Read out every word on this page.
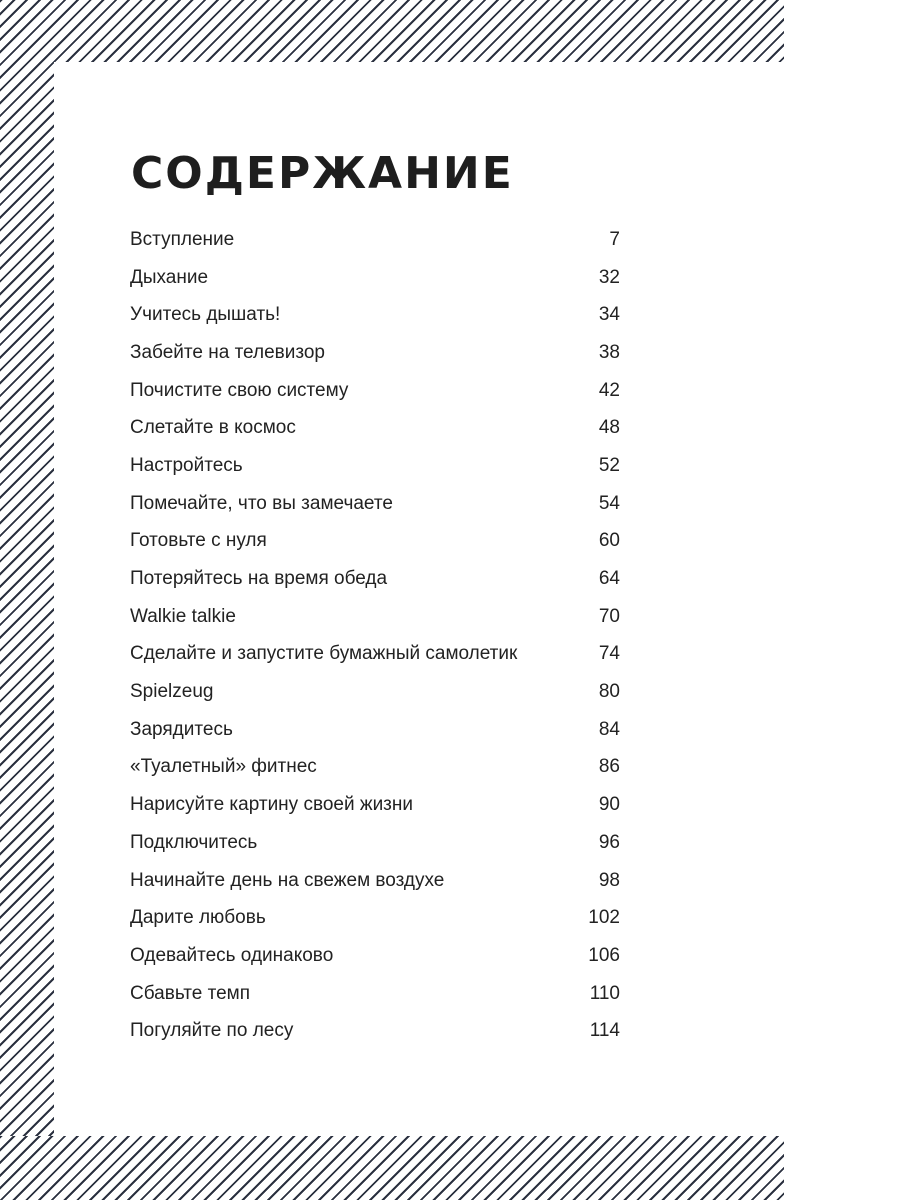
СОДЕРЖАНИЕ
Вступление	7
Дыхание	32
Учитесь дышать!	34
Забейте на телевизор	38
Почистите свою систему	42
Слетайте в космос	48
Настройтесь	52
Помечайте, что вы замечаете	54
Готовьте с нуля	60
Потеряйтесь на время обеда	64
Walkie talkie	70
Сделайте и запустите бумажный самолетик	74
Spielzeug	80
Зарядитесь	84
«Туалетный» фитнес	86
Нарисуйте картину своей жизни	90
Подключитесь	96
Начинайте день на свежем воздухе	98
Дарите любовь	102
Одевайтесь одинаково	106
Сбавьте темп	110
Погуляйте по лесу	114
